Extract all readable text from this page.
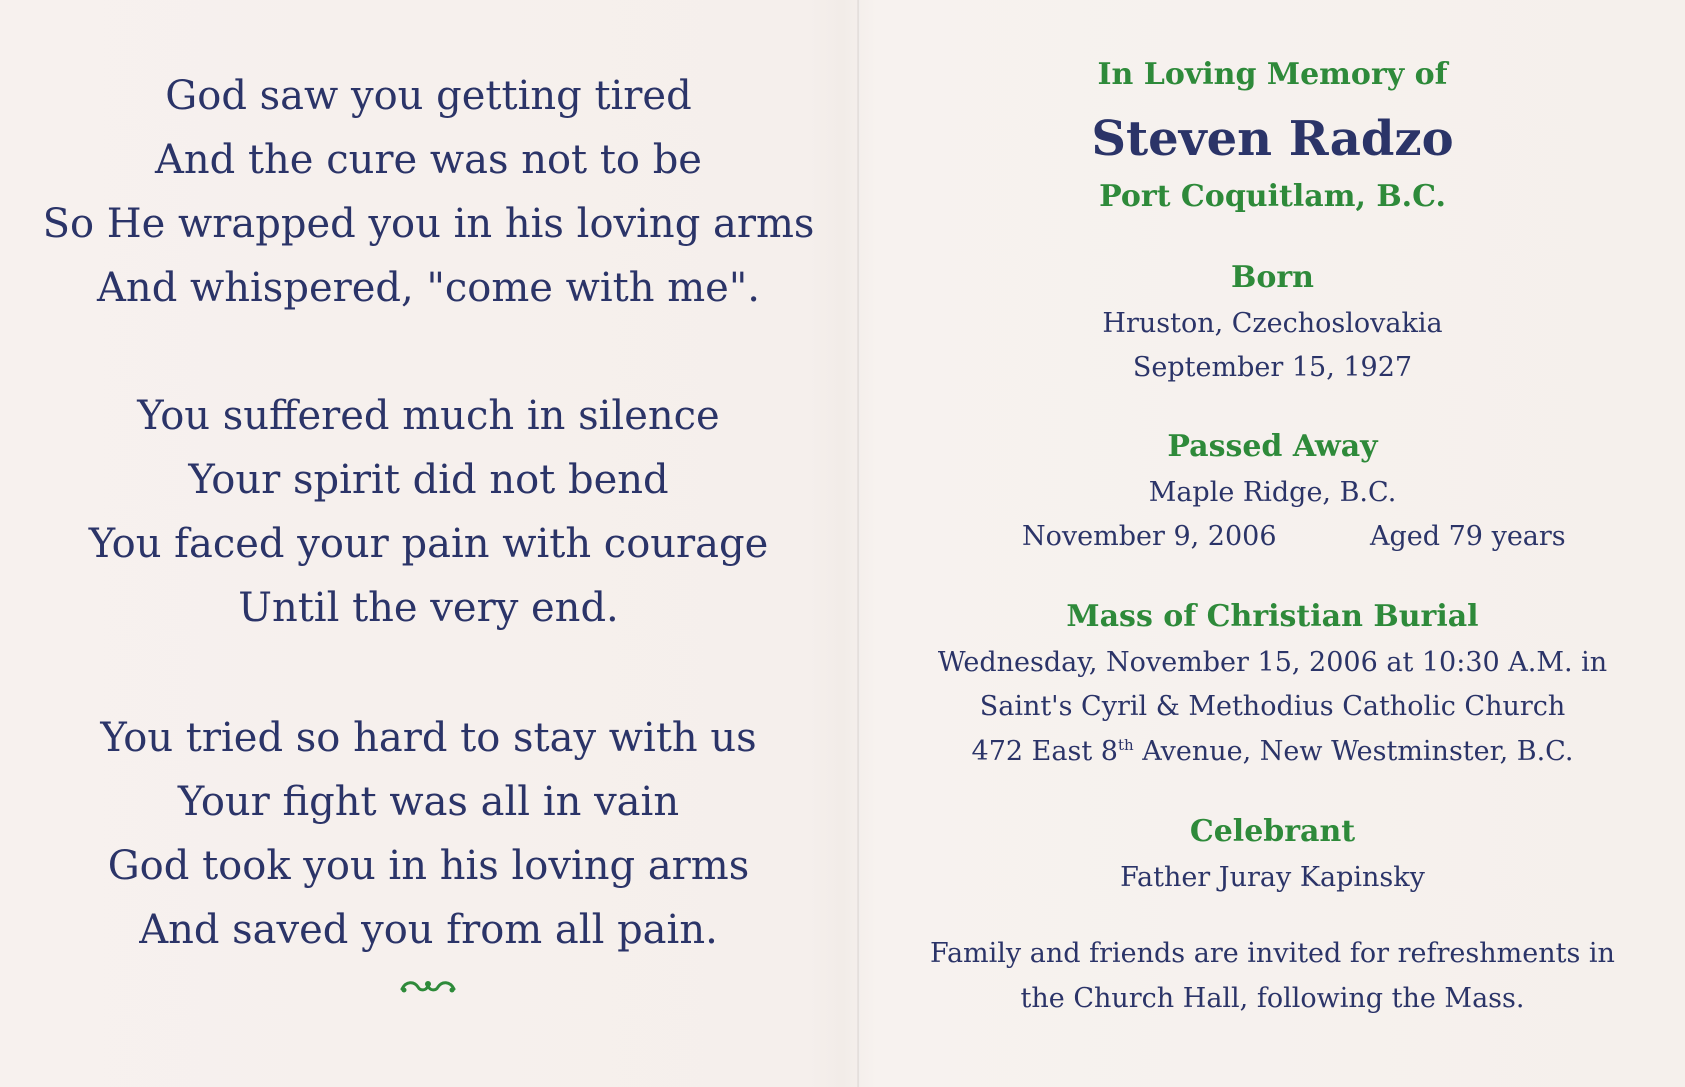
God saw you getting tired
And the cure was not to be
So He wrapped you in his loving arms
And whispered, "come with me".
You suffered much in silence
Your spirit did not bend
You faced your pain with courage
Until the very end.
You tried so hard to stay with us
Your fight was all in vain
God took you in his loving arms
And saved you from all pain.
In Loving Memory of
Steven Radzo
Port Coquitlam, B.C.
Born
Hruston, Czechoslovakia
September 15, 1927
Passed Away
Maple Ridge, B.C.
November 9, 2006	Aged 79 years
Mass of Christian Burial
Wednesday, November 15, 2006 at 10:30 A.M. in
Saint's Cyril & Methodius Catholic Church
472 East 8th Avenue, New Westminster, B.C.
Celebrant
Father Juray Kapinsky
Family and friends are invited for refreshments in
the Church Hall, following the Mass.
